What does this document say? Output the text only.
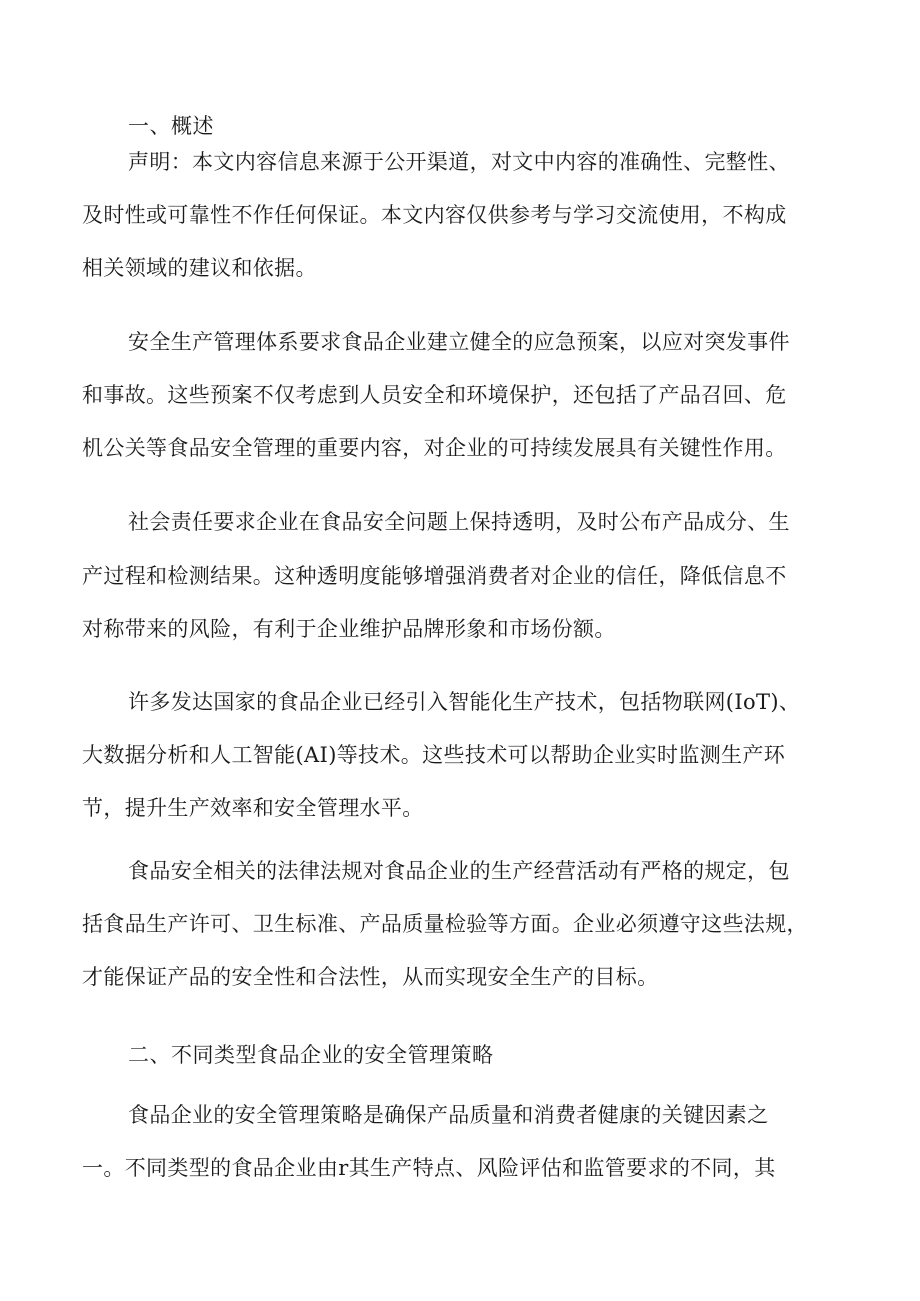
一、概述
声明：本文内容信息来源于公开渠道，对文中内容的准确性、完整性、
及时性或可靠性不作任何保证。本文内容仅供参考与学习交流使用，不构成
相关领域的建议和依据。
安全生产管理体系要求食品企业建立健全的应急预案，以应对突发事件
和事故。这些预案不仅考虑到人员安全和环境保护，还包括了产品召回、危
机公关等食品安全管理的重要内容，对企业的可持续发展具有关键性作用。
社会责任要求企业在食品安全问题上保持透明，及时公布产品成分、生
产过程和检测结果。这种透明度能够增强消费者对企业的信任，降低信息不
对称带来的风险，有利于企业维护品牌形象和市场份额。
许多发达国家的食品企业已经引入智能化生产技术，包括物联网(IoT)、
大数据分析和人工智能(AI)等技术。这些技术可以帮助企业实时监测生产环
节，提升生产效率和安全管理水平。
食品安全相关的法律法规对食品企业的生产经营活动有严格的规定，包
括食品生产许可、卫生标准、产品质量检验等方面。企业必须遵守这些法规，
才能保证产品的安全性和合法性，从而实现安全生产的目标。
二、不同类型食品企业的安全管理策略
食品企业的安全管理策略是确保产品质量和消费者健康的关键因素之
一。不同类型的食品企业由r其生产特点、风险评估和监管要求的不同，其
